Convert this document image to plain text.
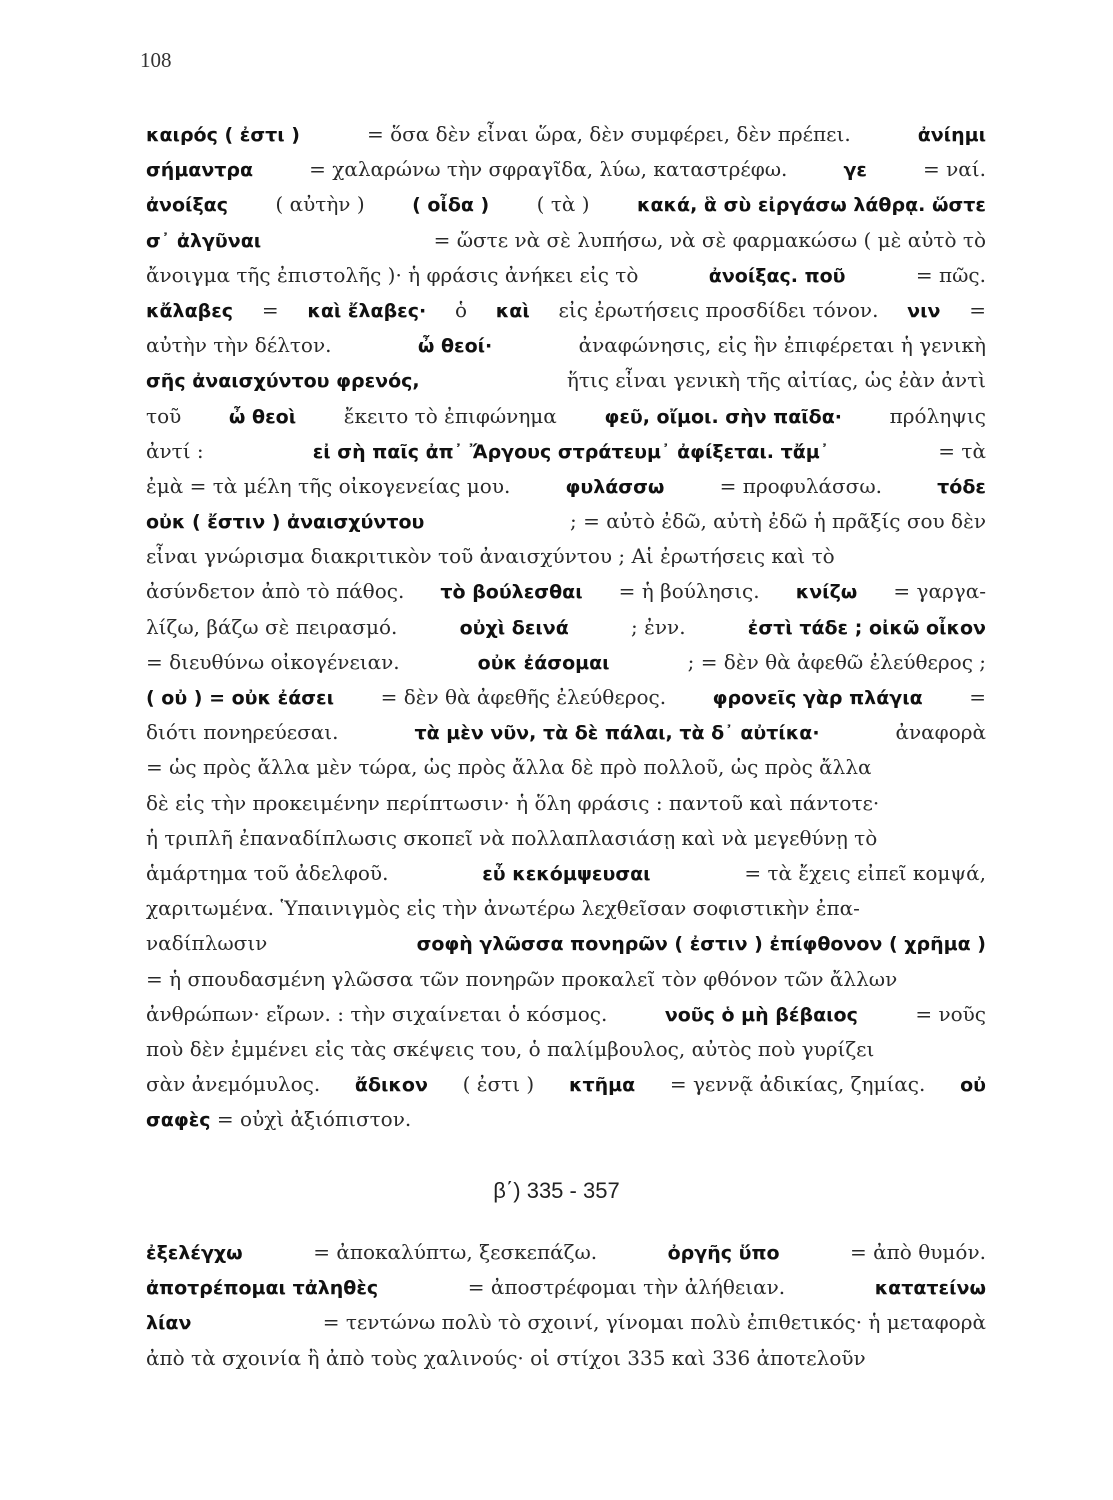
108
καιρός ( ἐστι )	= ὅσα δὲν εἶναι ὥρα, δὲν συμφέρει, δὲν πρέπει.	ἀνίημι
σήμαντρα = χαλαρώνω τὴν σφραγῖδα, λύω, καταστρέφω.	γε = ναί.
ἀνοίξας ( αὐτὴν ) ( οἶδα ) ( τὰ ) κακά, ἃ σὺ εἰργάσω λάθρᾳ. ὥστε
σ᾿ ἀλγῦναι	= ὥστε νὰ σὲ λυπήσω, νὰ σὲ φαρμακώσω ( μὲ αὐτὸ τὸ
ἄνοιγμα τῆς ἐπιστολῆς )· ἡ φράσις ἀνήκει εἰς τὸ	ἀνοίξας. ποῦ	= πῶς.
κἄλαβες = καὶ ἔλαβες· ὁ καὶ εἰς ἐρωτήσεις προσδίδει τόνον. νιν =
αὐτὴν τὴν δέλτον.	ὦ θεοί·	ἀναφώνησις, εἰς ἣν ἐπιφέρεται ἡ γενικὴ
σῆς ἀναισχύντου φρενός,	ἥτις εἶναι γενικὴ τῆς αἰτίας, ὡς ἐὰν ἀντὶ
τοῦ ὦ θεοὶ ἔκειτο τὸ ἐπιφώνημα φεῦ, οἴμοι. σὴν παῖδα· πρόληψις
ἀντί :	εἰ σὴ παῖς ἀπ᾿ Ἄργους στράτευμ᾿ ἀφίξεται. τἄμ᾿	= τὰ
ἐμὰ = τὰ μέλη τῆς οἰκογενείας μου.	φυλάσσω = προφυλάσσω.	τόδε
οὐκ ( ἔστιν ) ἀναισχύντου	; = αὐτὸ ἐδῶ, αὐτὴ ἐδῶ ἡ πρᾶξίς σου δὲν
εἶναι γνώρισμα διακριτικὸν τοῦ ἀναισχύντου ; Αἱ ἐρωτήσεις καὶ τὸ
ἀσύνδετον ἀπὸ τὸ πάθος. τὸ βούλεσθαι = ἡ βούλησις. κνίζω = γαργα-
λίζω, βάζω σὲ πειρασμό.	οὐχὶ δεινά	; ἐνν.	ἐστὶ τάδε ; οἰκῶ οἶκον
= διευθύνω οἰκογένειαν.	οὐκ ἐάσομαι	; = δὲν θὰ ἀφεθῶ ἐλεύθερος ;
( οὐ ) = οὐκ ἐάσει = δὲν θὰ ἀφεθῆς ἐλεύθερος. φρονεῖς γὰρ πλάγια =
διότι πονηρεύεσαι.	τὰ μὲν νῦν, τὰ δὲ πάλαι, τὰ δ᾿ αὐτίκα·	ἀναφορὰ
= ὡς πρὸς ἄλλα μὲν τώρα, ὡς πρὸς ἄλλα δὲ πρὸ πολλοῦ, ὡς πρὸς ἄλλα
δὲ εἰς τὴν προκειμένην περίπτωσιν· ἡ ὅλη φράσις : παντοῦ καὶ πάντοτε·
ἡ τριπλῆ ἐπαναδίπλωσις σκοπεῖ νὰ πολλαπλασιάσῃ καὶ νὰ μεγεθύνῃ τὸ
ἁμάρτημα τοῦ ἀδελφοῦ.	εὖ κεκόμψευσαι	= τὰ ἔχεις εἰπεῖ κομψά,
χαριτωμένα. Ὑπαινιγμὸς εἰς τὴν ἀνωτέρω λεχθεῖσαν σοφιστικὴν ἐπα-
ναδίπλωσιν	σοφὴ γλῶσσα πονηρῶν ( ἐστιν ) ἐπίφθονον ( χρῆμα )
= ἡ σπουδασμένη γλῶσσα τῶν πονηρῶν προκαλεῖ τὸν φθόνον τῶν ἄλλων
ἀνθρώπων· εἴρων. : τὴν σιχαίνεται ὁ κόσμος.	νοῦς ὁ μὴ βέβαιος	= νοῦς
ποὺ δὲν ἐμμένει εἰς τὰς σκέψεις του, ὁ παλίμβουλος, αὐτὸς ποὺ γυρίζει
σὰν ἀνεμόμυλος. ἄδικον ( ἐστι ) κτῆμα = γεννᾷ ἀδικίας, ζημίας. οὐ
σαφὲς = οὐχὶ ἀξιόπιστον.
β΄) 335 - 357
ἐξελέγχω	= ἀποκαλύπτω, ξεσκεπάζω.	ὀργῆς ὕπο	= ἀπὸ θυμόν.
ἀποτρέπομαι τἀληθὲς	= ἀποστρέφομαι τὴν ἀλήθειαν.	κατατείνω
λίαν	= τεντώνω πολὺ τὸ σχοινί, γίνομαι πολὺ ἐπιθετικός· ἡ μεταφορὰ
ἀπὸ τὰ σχοινία ἢ ἀπὸ τοὺς χαλινούς· οἱ στίχοι 335 καὶ 336 ἀποτελοῦν
